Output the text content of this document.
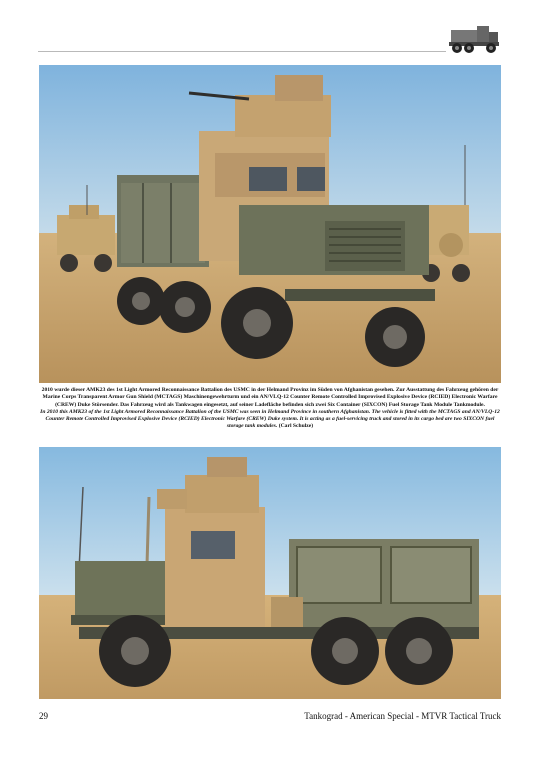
2010 wurde dieser AMK23 des 1st Light Armored Reconnaissance Battalion des USMC in der Helmand Provinz im Süden von Afghanistan gesehen. Zur Ausstattung des Fahrzeug gehören der Marine Corps Transparent Armor Gun Shield (MCTAGS) Maschinengewehrturm und ein AN/VLQ-12 Counter Remote Controlled Improvised Explosive Device (RCIED) Electronic Warfare (CREW) Duke Störsender. Das Fahrzeug wird als Tankwagen eingesetzt, auf seiner Ladefläche befinden sich zwei Six Container (SIXCON) Fuel Storage Tank Module Tankmodule.

In 2010 this AMK23 of the 1st Light Armored Reconnaissance Battalion of the USMC was seen in Helmand Province in southern Afghanistan. The vehicle is fitted with the MCTAGS and AN/VLQ-12 Counter Remote Controlled Improvised Explosive Device (RCIED) Electronic Warfare (CREW) Duke system. It is acting as a fuel-servicing truck and stored in its cargo bed are two SIXCON fuel storage tank modules. (Carl Schulze)

29	Tankograd - American Special - MTVR Tactical Truck
